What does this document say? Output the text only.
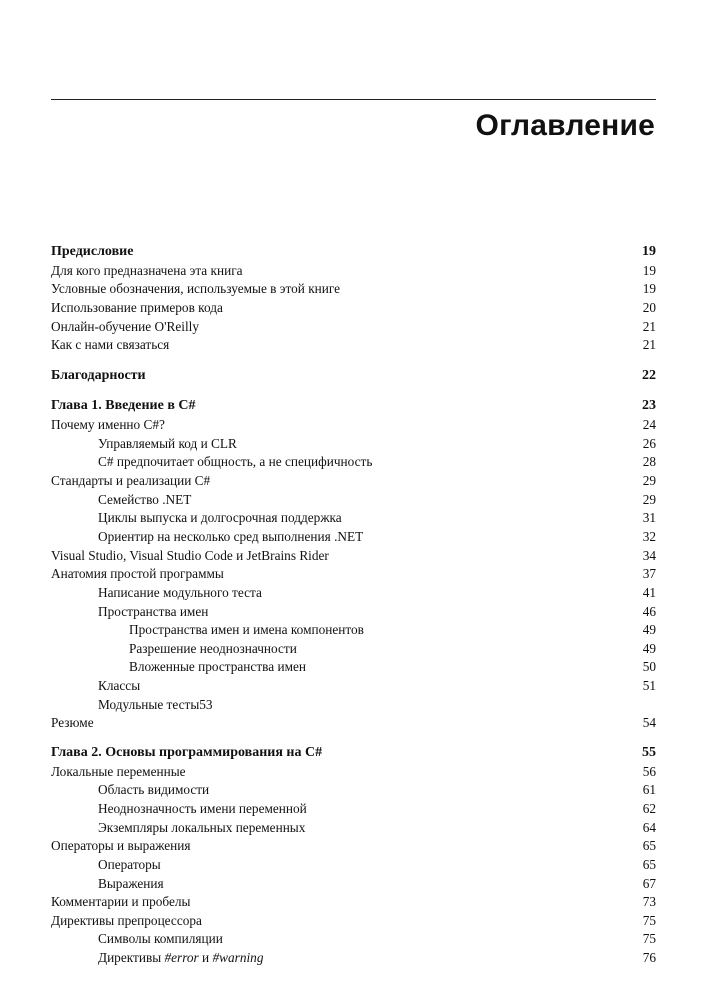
Оглавление
Предисловие	19
Для кого предназначена эта книга	19
Условные обозначения, используемые в этой книге	19
Использование примеров кода	20
Онлайн-обучение O'Reilly	21
Как с нами связаться	21
Благодарности	22
Глава 1. Введение в C#	23
Почему именно C#?	24
Управляемый код и CLR	26
C# предпочитает общность, а не специфичность	28
Стандарты и реализации C#	29
Семейство .NET	29
Циклы выпуска и долгосрочная поддержка	31
Ориентир на несколько сред выполнения .NET	32
Visual Studio, Visual Studio Code и JetBrains Rider	34
Анатомия простой программы	37
Написание модульного теста	41
Пространства имен	46
Пространства имен и имена компонентов	49
Разрешение неоднозначности	49
Вложенные пространства имен	50
Классы	51
Модульные тесты 53
Резюме	54
Глава 2. Основы программирования на C#	55
Локальные переменные	56
Область видимости	61
Неоднозначность имени переменной	62
Экземпляры локальных переменных	64
Операторы и выражения	65
Операторы	65
Выражения	67
Комментарии и пробелы	73
Директивы препроцессора	75
Символы компиляции	75
Директивы #error и #warning	76
